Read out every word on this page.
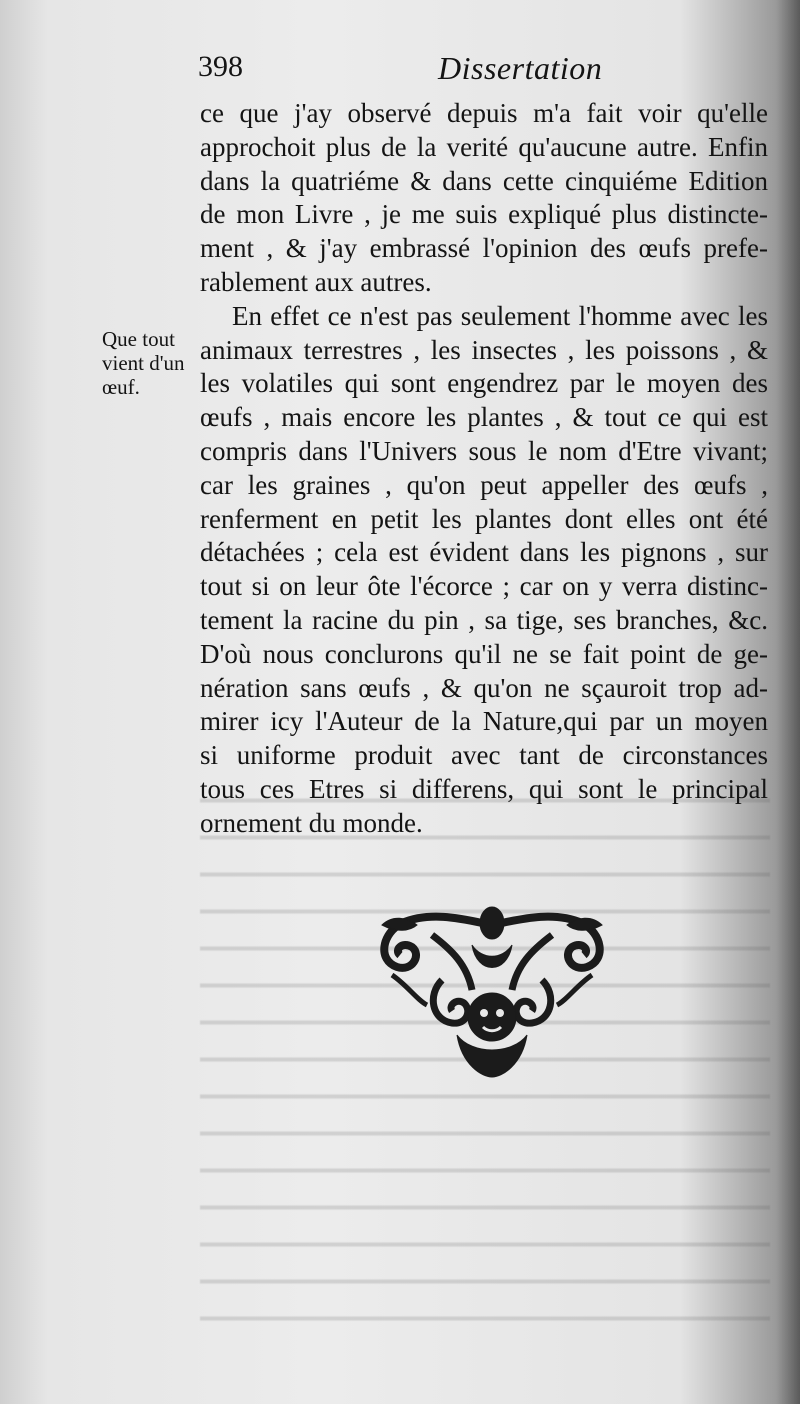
398	Dissertation
Que tout
vient d'un
œuf.
ce que j'ay observé depuis m'a fait voir qu'elle
approchoit plus de la verité qu'aucune autre. Enfin
dans la quatriéme & dans cette cinquiéme Edition
de mon Livre , je me suis expliqué plus distincte-
ment , & j'ay embrassé l'opinion des œufs prefe-
rablement aux autres.
En effet ce n'est pas seulement l'homme avec les
animaux terrestres , les insectes , les poissons , &
les volatiles qui sont engendrez par le moyen des
œufs , mais encore les plantes , & tout ce qui est
compris dans l'Univers sous le nom d'Etre vivant;
car les graines , qu'on peut appeller des œufs ,
renferment en petit les plantes dont elles ont été
détachées ; cela est évident dans les pignons , sur
tout si on leur ôte l'écorce ; car on y verra distinc-
tement la racine du pin , sa tige, ses branches, &c.
D'où nous conclurons qu'il ne se fait point de ge-
nération sans œufs , & qu'on ne sçauroit trop ad-
mirer icy l'Auteur de la Nature,qui par un moyen
si uniforme produit avec tant de circonstances
tous ces Etres si differens, qui sont le principal
ornement du monde.
